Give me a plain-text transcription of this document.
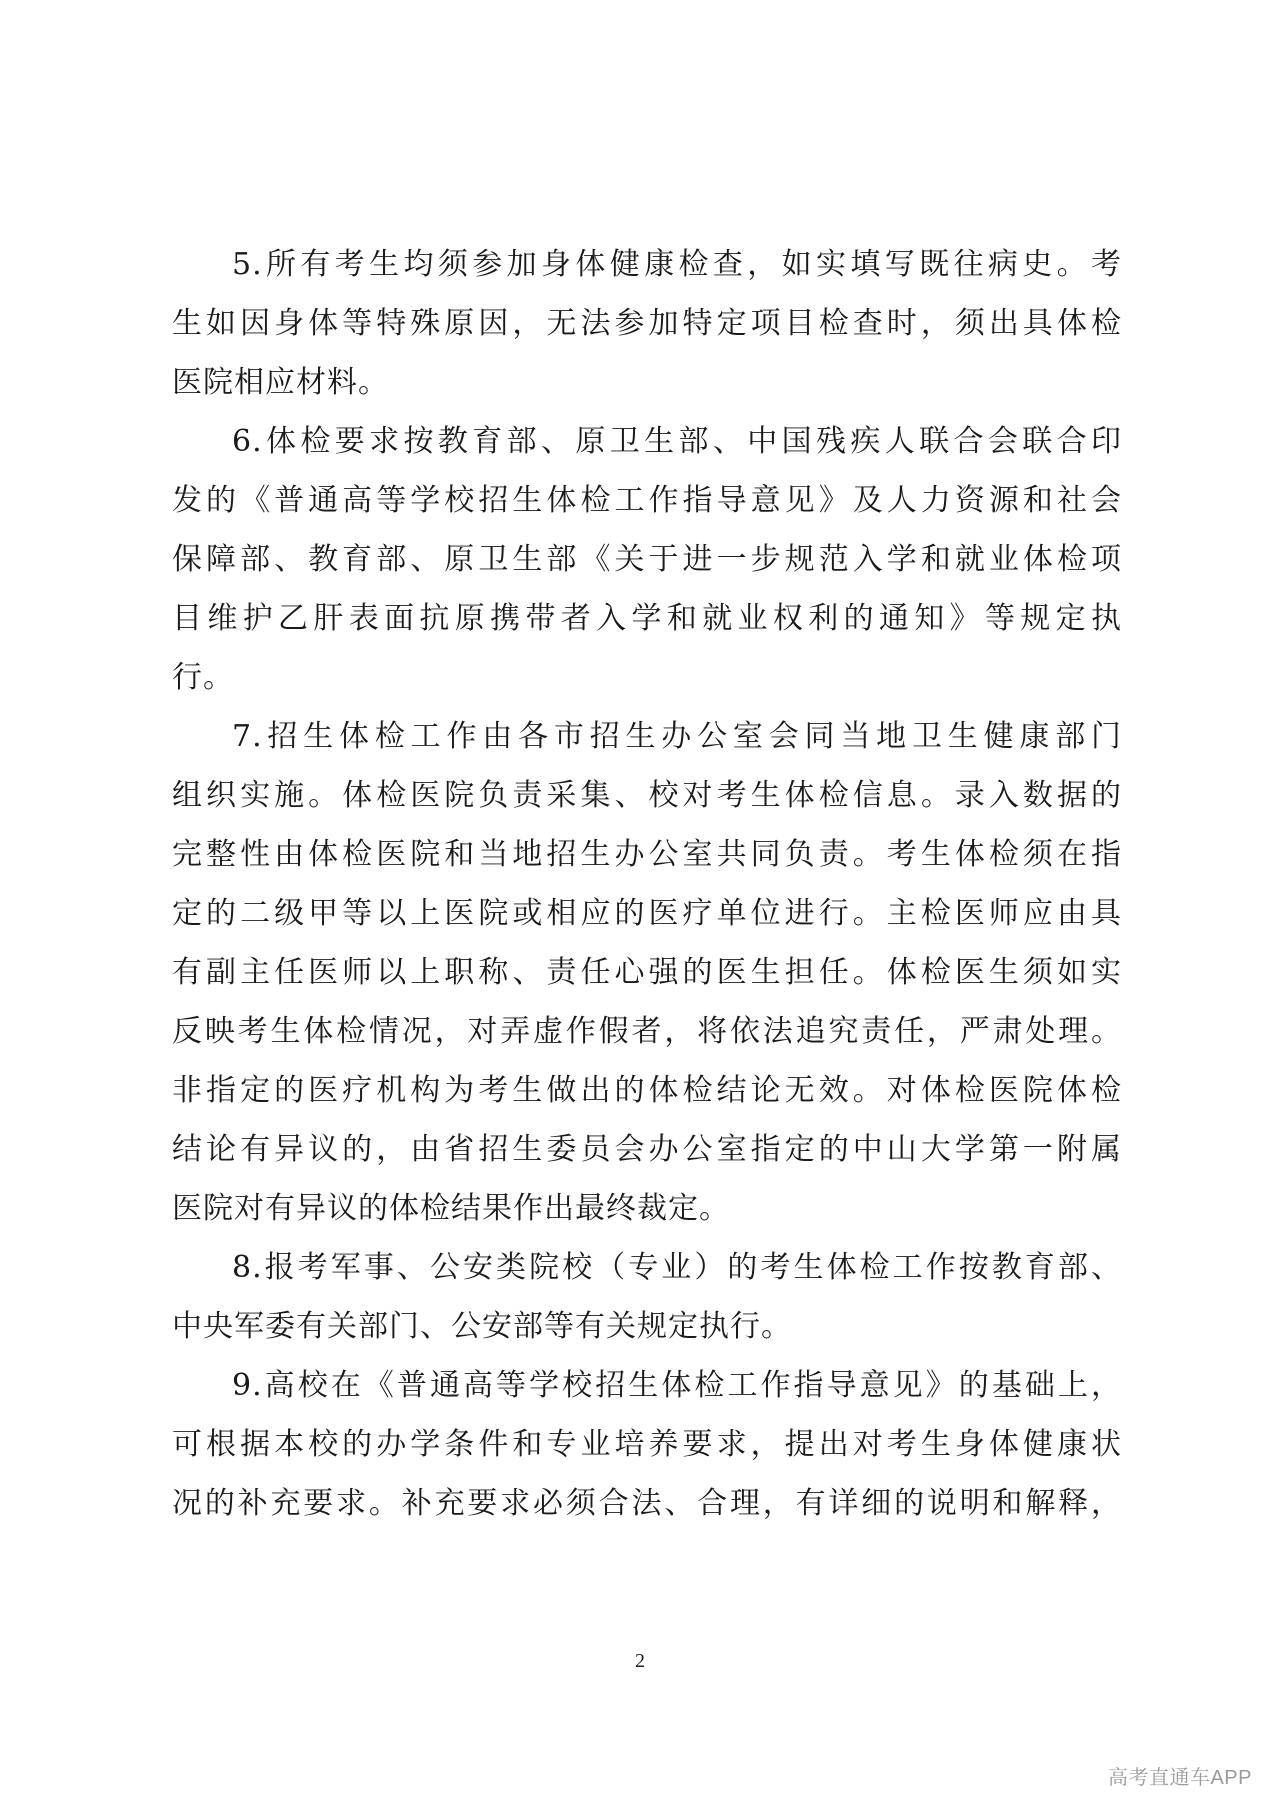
5.所有考生均须参加身体健康检查，如实填写既往病史。考
生如因身体等特殊原因，无法参加特定项目检查时，须出具体检
医院相应材料。
6.体检要求按教育部、原卫生部、中国残疾人联合会联合印
发的《普通高等学校招生体检工作指导意见》及人力资源和社会
保障部、教育部、原卫生部《关于进一步规范入学和就业体检项
目维护乙肝表面抗原携带者入学和就业权利的通知》等规定执
行。
7.招生体检工作由各市招生办公室会同当地卫生健康部门
组织实施。体检医院负责采集、校对考生体检信息。录入数据的
完整性由体检医院和当地招生办公室共同负责。考生体检须在指
定的二级甲等以上医院或相应的医疗单位进行。主检医师应由具
有副主任医师以上职称、责任心强的医生担任。体检医生须如实
反映考生体检情况，对弄虚作假者，将依法追究责任，严肃处理。
非指定的医疗机构为考生做出的体检结论无效。对体检医院体检
结论有异议的，由省招生委员会办公室指定的中山大学第一附属
医院对有异议的体检结果作出最终裁定。
8.报考军事、公安类院校（专业）的考生体检工作按教育部、
中央军委有关部门、公安部等有关规定执行。
9.高校在《普通高等学校招生体检工作指导意见》的基础上，
可根据本校的办学条件和专业培养要求，提出对考生身体健康状
况的补充要求。补充要求必须合法、合理，有详细的说明和解释，
2
高考直通车APP
